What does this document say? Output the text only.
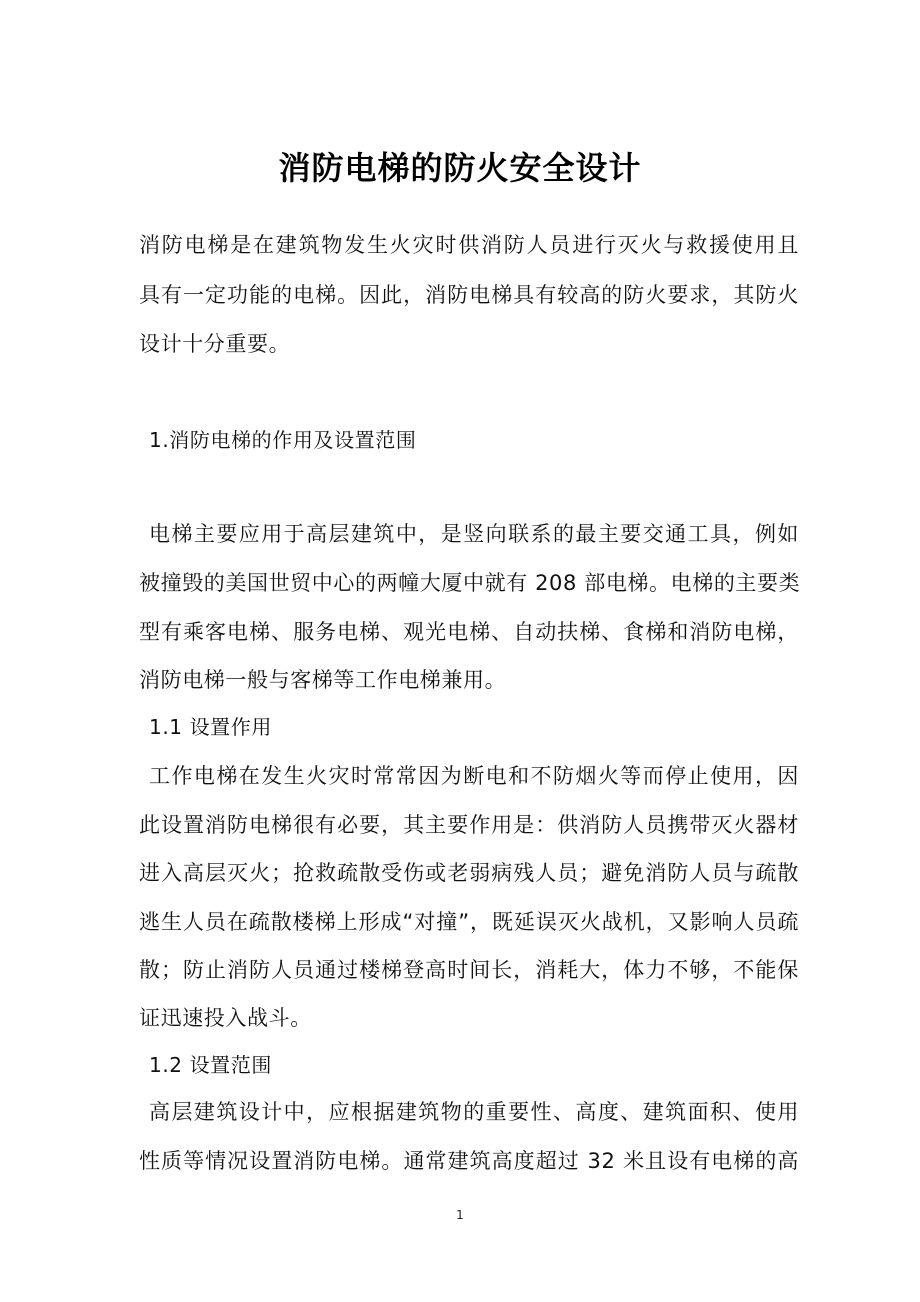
消防电梯的防火安全设计
消防电梯是在建筑物发生火灾时供消防人员进行灭火与救援使用且
具有一定功能的电梯。因此，消防电梯具有较高的防火要求，其防火
设计十分重要。
1.消防电梯的作用及设置范围
电梯主要应用于高层建筑中，是竖向联系的最主要交通工具，例如
被撞毁的美国世贸中心的两幢大厦中就有 208 部电梯。电梯的主要类
型有乘客电梯、服务电梯、观光电梯、自动扶梯、食梯和消防电梯，
消防电梯一般与客梯等工作电梯兼用。
1.1 设置作用
工作电梯在发生火灾时常常因为断电和不防烟火等而停止使用，因
此设置消防电梯很有必要，其主要作用是：供消防人员携带灭火器材
进入高层灭火；抢救疏散受伤或老弱病残人员；避免消防人员与疏散
逃生人员在疏散楼梯上形成“对撞”，既延误灭火战机，又影响人员疏
散；防止消防人员通过楼梯登高时间长，消耗大，体力不够，不能保
证迅速投入战斗。
1.2 设置范围
高层建筑设计中，应根据建筑物的重要性、高度、建筑面积、使用
性质等情况设置消防电梯。通常建筑高度超过 32 米且设有电梯的高
1
